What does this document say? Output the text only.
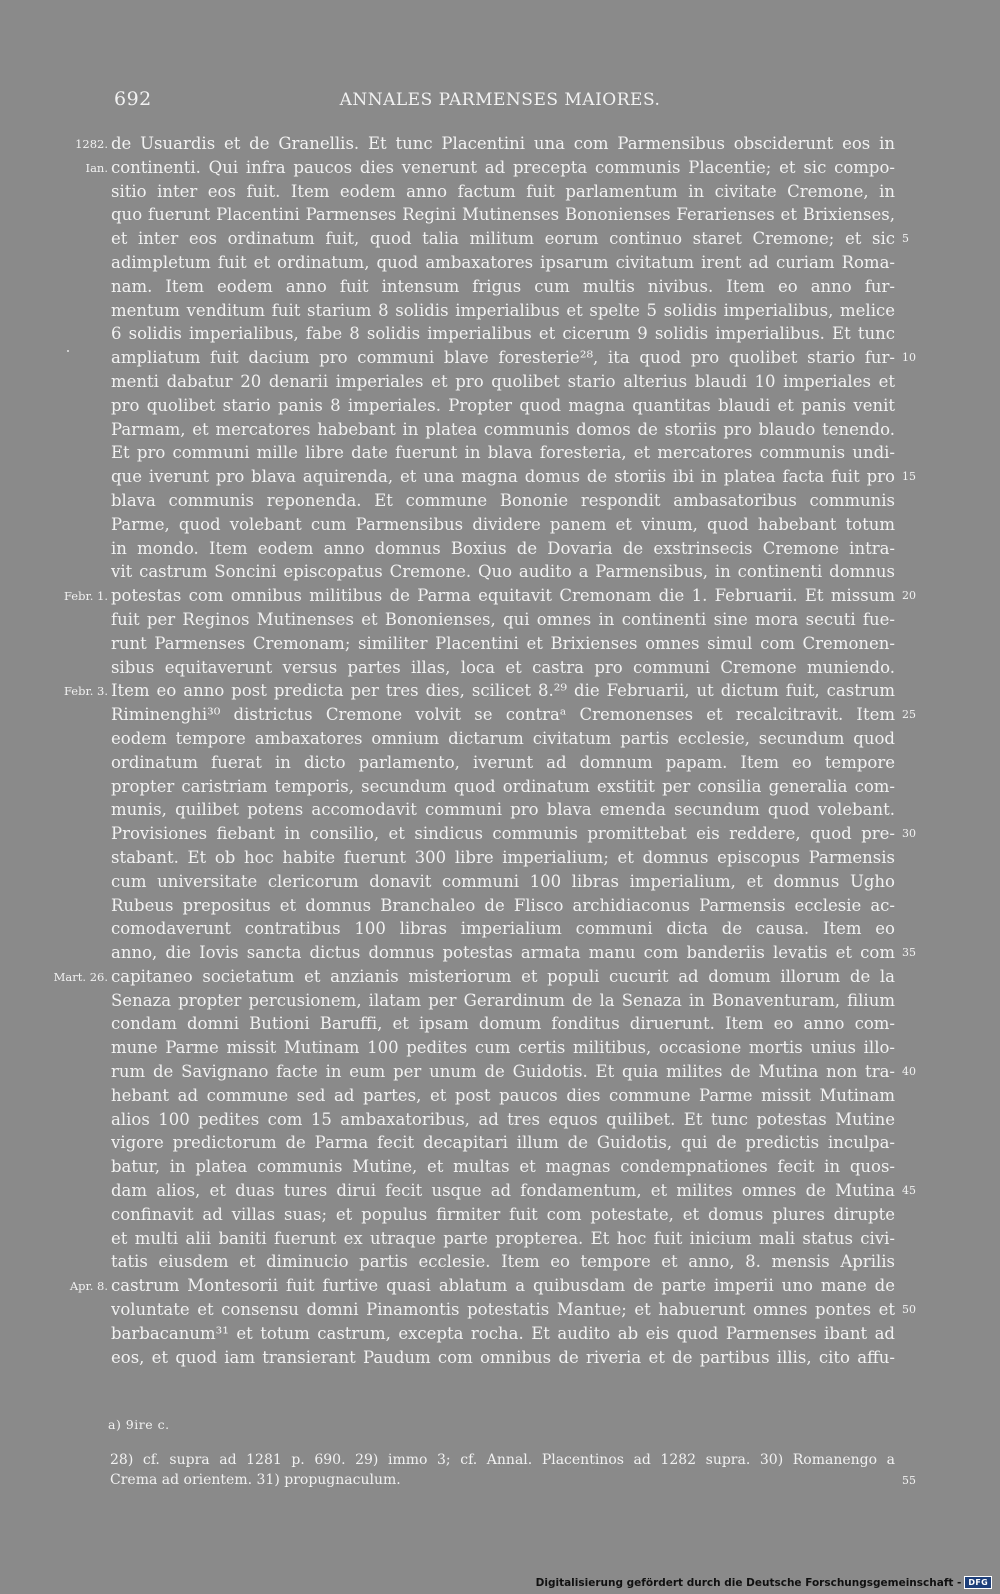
692	ANNALES PARMENSES MAIORES.
de Usuardis et de Granellis. Et tunc Placentini una com Parmensibus obsciderunt eos in
continenti. Qui infra paucos dies venerunt ad precepta communis Placentie; et sic compo-
sitio inter eos fuit. Item eodem anno factum fuit parlamentum in civitate Cremone, in
quo fuerunt Placentini Parmenses Regini Mutinenses Bononienses Ferarienses et Brixienses,
et inter eos ordinatum fuit, quod talia militum eorum continuo staret Cremone; et sic
adimpletum fuit et ordinatum, quod ambaxatores ipsarum civitatum irent ad curiam Roma-
nam. Item eodem anno fuit intensum frigus cum multis nivibus. Item eo anno fur-
mentum venditum fuit starium 8 solidis imperialibus et spelte 5 solidis imperialibus, melice
6 solidis imperialibus, fabe 8 solidis imperialibus et cicerum 9 solidis imperialibus. Et tunc
ampliatum fuit dacium pro communi blave foresterie²⁸, ita quod pro quolibet stario fur-
menti dabatur 20 denarii imperiales et pro quolibet stario alterius blaudi 10 imperiales et
pro quolibet stario panis 8 imperiales. Propter quod magna quantitas blaudi et panis venit
Parmam, et mercatores habebant in platea communis domos de storiis pro blaudo tenendo.
Et pro communi mille libre date fuerunt in blava foresteria, et mercatores communis undi-
que iverunt pro blava aquirenda, et una magna domus de storiis ibi in platea facta fuit pro
blava communis reponenda. Et commune Bononie respondit ambasatoribus communis
Parme, quod volebant cum Parmensibus dividere panem et vinum, quod habebant totum
in mondo. Item eodem anno domnus Boxius de Dovaria de exstrinsecis Cremone intra-
vit castrum Soncini episcopatus Cremone. Quo audito a Parmensibus, in continenti domnus
potestas com omnibus militibus de Parma equitavit Cremonam die 1. Februarii. Et missum
fuit per Reginos Mutinenses et Bononienses, qui omnes in continenti sine mora secuti fue-
runt Parmenses Cremonam; similiter Placentini et Brixienses omnes simul com Cremonen-
sibus equitaverunt versus partes illas, loca et castra pro communi Cremone muniendo.
Item eo anno post predicta per tres dies, scilicet 8.²⁹ die Februarii, ut dictum fuit, castrum
Riminenghi³⁰ districtus Cremone volvit se contraᵃ Cremonenses et recalcitravit. Item
eodem tempore ambaxatores omnium dictarum civitatum partis ecclesie, secundum quod
ordinatum fuerat in dicto parlamento, iverunt ad domnum papam. Item eo tempore
propter caristriam temporis, secundum quod ordinatum exstitit per consilia generalia com-
munis, quilibet potens accomodavit communi pro blava emenda secundum quod volebant.
Provisiones fiebant in consilio, et sindicus communis promittebat eis reddere, quod pre-
stabant. Et ob hoc habite fuerunt 300 libre imperialium; et domnus episcopus Parmensis
cum universitate clericorum donavit communi 100 libras imperialium, et domnus Ugho
Rubeus prepositus et domnus Branchaleo de Flisco archidiaconus Parmensis ecclesie ac-
comodaverunt contratibus 100 libras imperialium communi dicta de causa. Item eo
anno, die Iovis sancta dictus domnus potestas armata manu com banderiis levatis et com
capitaneo societatum et anzianis misteriorum et populi cucurit ad domum illorum de la
Senaza propter percusionem, ilatam per Gerardinum de la Senaza in Bonaventuram, filium
condam domni Butioni Baruffi, et ipsam domum fonditus diruerunt. Item eo anno com-
mune Parme missit Mutinam 100 pedites cum certis militibus, occasione mortis unius illo-
rum de Savignano facte in eum per unum de Guidotis. Et quia milites de Mutina non tra-
hebant ad commune sed ad partes, et post paucos dies commune Parme missit Mutinam
alios 100 pedites com 15 ambaxatoribus, ad tres equos quilibet. Et tunc potestas Mutine
vigore predictorum de Parma fecit decapitari illum de Guidotis, qui de predictis inculpa-
batur, in platea communis Mutine, et multas et magnas condempnationes fecit in quos-
dam alios, et duas tures dirui fecit usque ad fondamentum, et milites omnes de Mutina
confinavit ad villas suas; et populus firmiter fuit com potestate, et domus plures dirupte
et multi alii baniti fuerunt ex utraque parte propterea. Et hoc fuit inicium mali status civi-
tatis eiusdem et diminucio partis ecclesie. Item eo tempore et anno, 8. mensis Aprilis
castrum Montesorii fuit furtive quasi ablatum a quibusdam de parte imperii uno mane de
voluntate et consensu domni Pinamontis potestatis Mantue; et habuerunt omnes pontes et
barbacanum³¹ et totum castrum, excepta rocha. Et audito ab eis quod Parmenses ibant ad
eos, et quod iam transierant Paudum com omnibus de riveria et de partibus illis, cito affu-
1282.
Ian.
Febr. 1.
Febr. 3.
Mart. 26.
Apr. 8.
5
10
15
20
25
30
35
40
45
50
a) 9ire c.
28) cf. supra ad 1281 p. 690. 29) immo 3; cf. Annal. Placentinos ad 1282 supra. 30) Romanengo a
Crema ad orientem. 31) propugnaculum.	55
Digitalisierung gefördert durch die Deutsche Forschungsgemeinschaft - DFG
